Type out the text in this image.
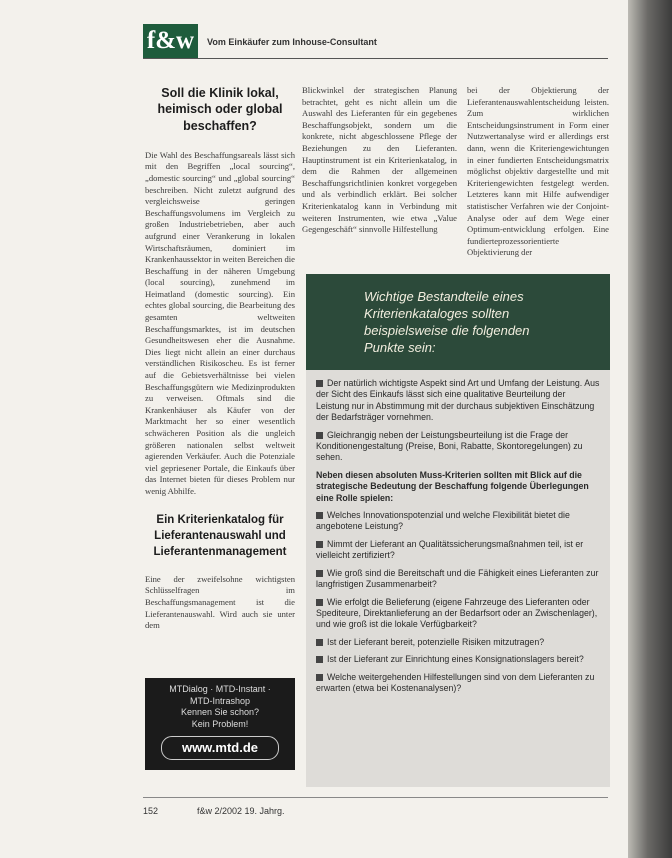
f&w	Vom Einkäufer zum Inhouse-Consultant
Soll die Klinik lokal, heimisch oder global beschaffen?

Die Wahl des Beschaffungsareals lässt sich mit den Begriffen „local sourcing“, „domestic sourcing“ und „global sourcing“ beschreiben. Nicht zuletzt aufgrund des vergleichsweise geringen Beschaffungsvolumens im Vergleich zu großen Industriebetrieben, aber auch aufgrund einer Verankerung in lokalen Wirtschaftsräumen, dominiert im Krankenhaussektor in weiten Bereichen die Beschaffung in der näheren Umgebung (local sourcing), zunehmend im Heimatland (domestic sourcing). Ein echtes global sourcing, die Bearbeitung des gesamten weltweiten Beschaffungsmarktes, ist im deutschen Gesundheitswesen eher die Ausnahme. Dies liegt nicht allein an einer durchaus verständlichen Risikoscheu. Es ist ferner auf die Gebietsverhältnisse bei vielen Beschaffungsgütern wie Medizinprodukten zu verweisen. Oftmals sind die Krankenhäuser als Käufer von der Marktmacht her so einer wesentlich schwächeren Position als die ungleich größeren nationalen selbst weltweit agierenden Verkäufer. Auch die Potenziale viel gepriesener Portale, die Einkaufs über das Internet bieten für dieses Problem nur wenig Abhilfe.

Ein Kriterienkatalog für Lieferantenauswahl und Lieferantenmanagement

Eine der zweifelsohne wichtigsten Schlüsselfragen im Beschaffungsmanagement ist die Lieferantenauswahl. Wird auch sie unter dem

MTDialog · MTD-Instant ·
MTD-Intrashop
Kennen Sie schon?
Kein Problem!
www.mtd.de

Blickwinkel der strategischen Planung betrachtet, geht es nicht allein um die Auswahl des Lieferanten für ein gegebenes Beschaffungsobjekt, sondern um die konkrete, nicht abgeschlossene Pflege der Beziehungen zu den Lieferanten. Hauptinstrument ist ein Kriterienkatalog, in dem die Rahmen der allgemeinen Beschaffungsrichtlinien konkret vorgegeben und als verbindlich erklärt. Bei solcher Kriterienkatalog kann in Verbindung mit weiteren Instrumenten, wie etwa „Value Gegengeschäft“ sinnvolle Hilfestellung

bei der Objektierung der Lieferantenauswahlentscheidung leisten. Zum wirklichen Entscheidungsinstrument in Form einer Nutzwertanalyse wird er allerdings erst dann, wenn die Kriteriengewichtungen in einer fundierten Entscheidungsmatrix möglichst objektiv dargestellte und mit Kriteriengewichten festgelegt werden. Letzteres kann mit Hilfe aufwendiger statistischer Verfahren wie der Conjoint-Analyse oder auf dem Wege einer Optimum-entwicklung erfolgen. Eine fundierteprozessorientierte Objektivierung der

Wichtige Bestandteile eines
Kriterienkataloges sollten
beispielsweise die folgenden
Punkte sein:
Der natürlich wichtigste Aspekt sind Art und Umfang der Leistung. Aus der Sicht des Einkaufs lässt sich eine qualitative Beurteilung der Leistung nur in Abstimmung mit der durchaus subjektiven Einschätzung der Bedarfsträger vornehmen.
Gleichrangig neben der Leistungsbeurteilung ist die Frage der Konditionengestaltung (Preise, Boni, Rabatte, Skontoregelungen) zu sehen.
Neben diesen absoluten Muss-Kriterien sollten mit Blick auf die strategische Bedeutung der Beschaffung folgende Überlegungen eine Rolle spielen:
Welches Innovationspotenzial und welche Flexibilität bietet die angebotene Leistung?
Nimmt der Lieferant an Qualitätssicherungsmaßnahmen teil, ist er vielleicht zertifiziert?
Wie groß sind die Bereitschaft und die Fähigkeit eines Lieferanten zur langfristigen Zusammenarbeit?
Wie erfolgt die Belieferung (eigene Fahrzeuge des Lieferanten oder Spediteure, Direktanlieferung an der Bedarfsort oder an Zwischenlager), und wie groß ist die lokale Verfügbarkeit?
Ist der Lieferant bereit, potenzielle Risiken mitzutragen?
Ist der Lieferant zur Einrichtung eines Konsignationslagers bereit?
Welche weitergehenden Hilfestellungen sind von dem Lieferanten zu erwarten (etwa bei Kostenanalysen)?
152	f&w 2/2002 19. Jahrg.
